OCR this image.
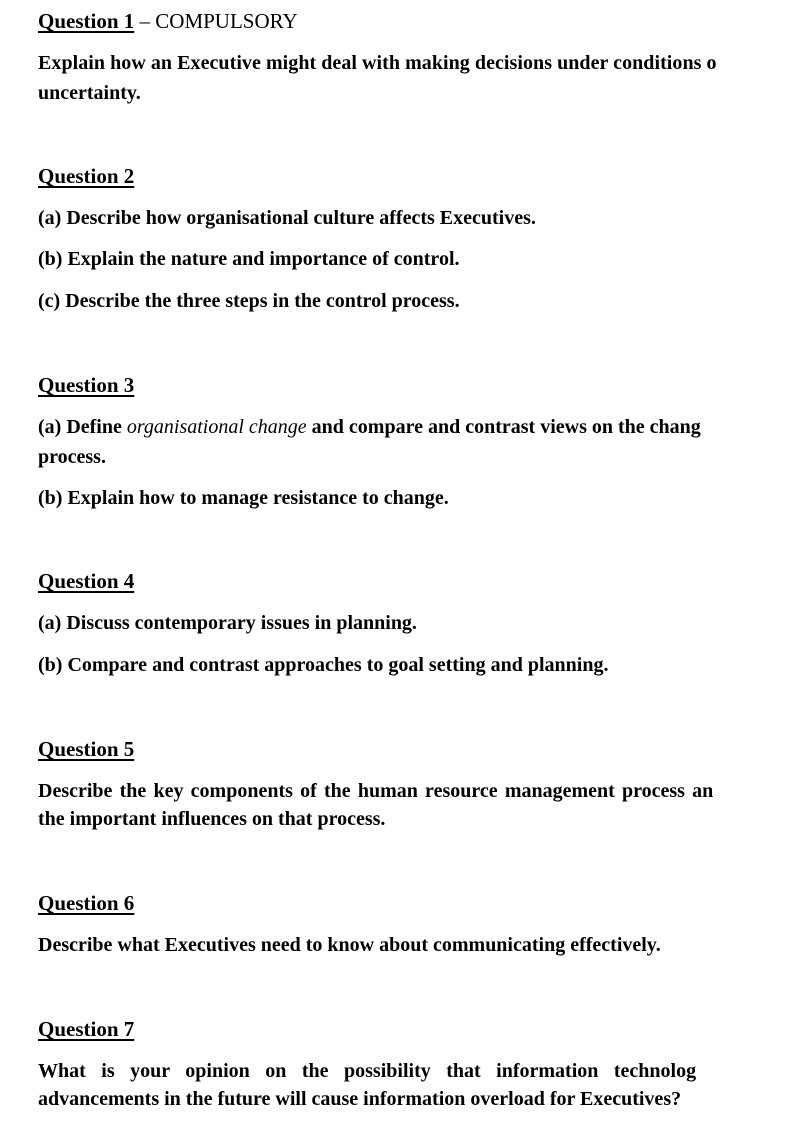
Question 1 – COMPULSORY
Explain how an Executive might deal with making decisions under conditions o
uncertainty.
Question 2
(a) Describe how organisational culture affects Executives.
(b) Explain the nature and importance of control.
(c) Describe the three steps in the control process.
Question 3
(a) Define organisational change and compare and contrast views on the chang
process.
(b) Explain how to manage resistance to change.
Question 4
(a) Discuss contemporary issues in planning.
(b) Compare and contrast approaches to goal setting and planning.
Question 5
Describe the key components of the human resource management process an
the important influences on that process.
Question 6
Describe what Executives need to know about communicating effectively.
Question 7
What is your opinion on the possibility that information technolog
advancements in the future will cause information overload for Executives?
